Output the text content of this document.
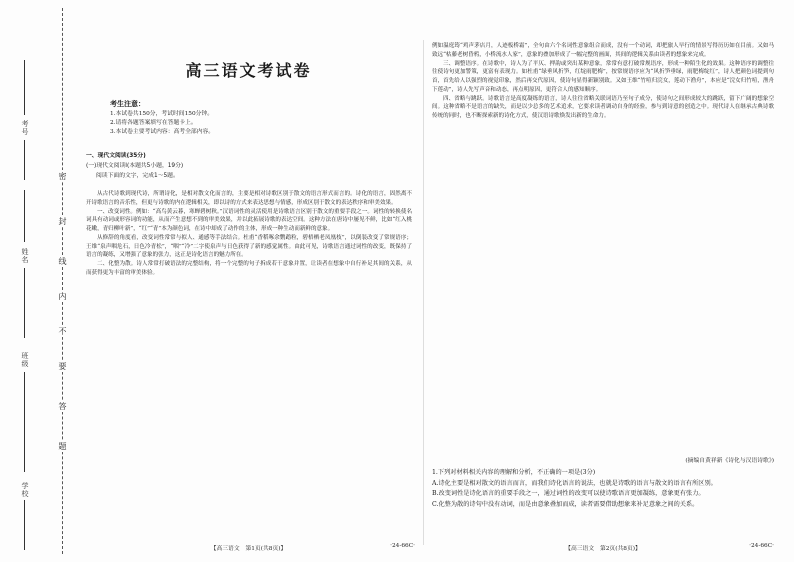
考号
姓名
班级
学校
密
封
线
内
不
要
答
题
高三语文考试卷
考生注意：
1.本试卷共150分，考试时间150分钟。
2.请将各题答案填写在答题卡上。
3.本试卷主要考试内容：高考全部内容。
一、现代文阅读(35分)
(一)现代文阅读Ⅰ(本题共5小题，19分)
阅读下面的文字，完成1～5题。

从古代诗歌到现代诗，所谓诗化，是相对散文化而言的，主要是相对诗歌区别于散文的语言形式而言的。诗化的语言，固然离不开诗歌语言的音乐性，但更与诗歌的内在逻辑相关，即以诗的方式来表达思想与情感，形成区别于散文的表达秩序和审美效果。

一、改变词性。例如：“高鸟黄云暮，寒蝉碧树秋。”汉语词性的灵活使用是诗歌语言区别于散文的重要手段之一。词性的转换使名词具有动词或形容词的功能，从而产生意想不到的审美效果，并以此拓展诗歌的表达空间。这种方法在唐诗中屡见不鲜，比如“红入桃花嫩，青归柳叶新”，“红”“青”本为颜色词，在诗中却成了动作的主体，形成一种生动而新鲜的意象。

从修辞的角度看，改变词性常常与拟人、通感等手法结合。杜甫“香稻啄余鹦鹉粒，碧梧栖老凤凰枝”，以倒装改变了常规语序；王维“泉声咽危石，日色冷青松”，“咽”“冷”二字使泉声与日色获得了新的感觉属性。由此可见，诗歌语言通过词性的改变，既保持了语言的凝练，又增强了意象的张力，这正是诗化语言的魅力所在。

二、化整为散。诗人常常打破语法的完整结构，将一个完整的句子拆成若干意象并置，让读者在想象中自行补足其间的关系，从而获得更为丰富的审美体验。

例如温庭筠“鸡声茅店月，人迹板桥霜”，全句由六个名词性意象组合而成，没有一个动词，却把旅人早行的情景写得历历如在目前。又如马致远“枯藤老树昏鸦，小桥流水人家”，意象的叠加形成了一幅完整的画面，其间的逻辑关系由读者的想象来完成。

三、调整语序。在诗歌中，诗人为了平仄、押韵或突出某种意象，常常有意打破常规语序，形成一种陌生化的效果。这种语序的调整往往使诗句更加警策，更富有表现力。如杜甫“绿垂风折笋，红绽雨肥梅”，按常规语序应为“风折笋垂绿，雨肥梅绽红”，诗人把颜色词提到句首，首先给人以强烈的视觉印象，然后再交代原因，使诗句显得新颖别致。又如王维“竹喧归浣女，莲动下渔舟”，本应是“浣女归竹喧，渔舟下莲动”，诗人先写声音和动态，再点明原因，更符合人的感知顺序。

四、省略与跳跃。诗歌语言是高度凝练的语言，诗人往往省略关联词语乃至句子成分，使诗句之间形成较大的跳跃，留下广阔的想象空间。这种省略不是语言的缺失，而是以少总多的艺术追求，它要求读者调动自身的经验，参与到诗意的创造之中。现代诗人在继承古典诗歌传统的同时，也不断探索新的诗化方式，使汉语诗歌焕发出新的生命力。

(摘编自黄祥新《诗化与汉语诗歌》)
1.下列对材料相关内容的理解和分析，不正确的一项是(3分)
A.诗化主要是相对散文的语言而言，而我们诗化语言的说法，也就是诗歌的语言与散文的语言有所区别。
B.改变词性是诗化语言的重要手段之一，通过词性的改变可以使诗歌语言更加凝练，意象更有张力。
C.化整为散的诗句中没有动词，而是由意象叠加而成，读者需要借助想象来补足意象之间的关系。
【高三语文　第1页(共8页)】	·24-66C·	【高三语文　第2页(共8页)】	·24-66C·
